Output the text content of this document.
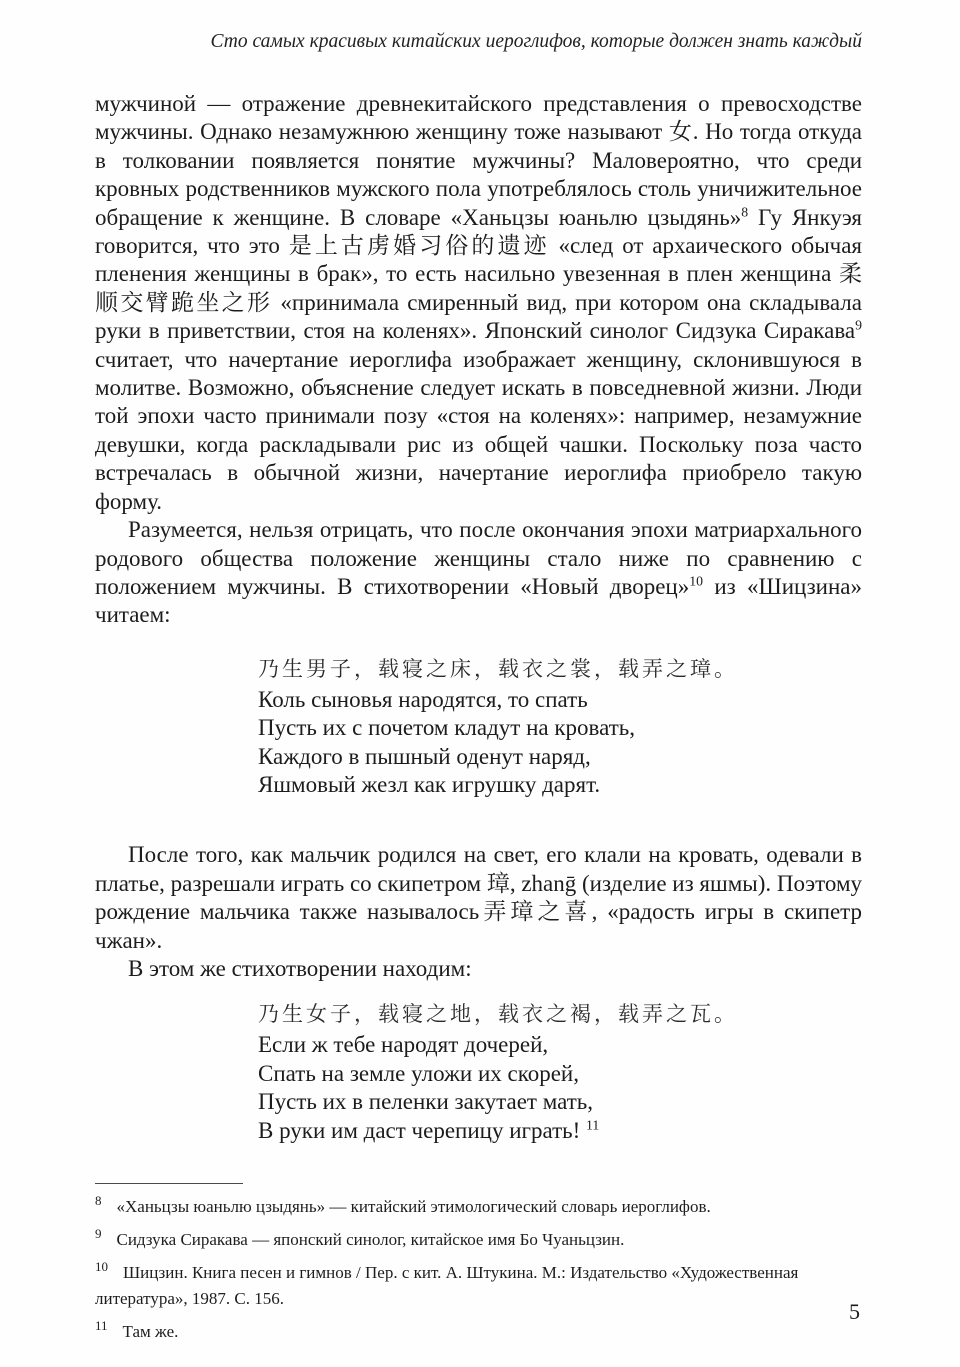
Сто самых красивых китайских иероглифов, которые должен знать каждый

мужчиной — отражение древнекитайского представления о превосходстве мужчины. Однако незамужнюю женщину тоже называют 女. Но тогда откуда в толковании появляется понятие мужчины? Маловероятно, что среди кровных родственников мужского пола употреблялось столь уничижительное обращение к женщине. В словаре «Ханьцзы юаньлю цзыдянь»$^8$ Гу Янкуэя говорится, что это 是上古虏婚习俗的遗迹 «след от архаического обычая пленения женщины в брак», то есть насильно увезенная в плен женщина 柔顺交臂跪坐之形 «принимала смиренный вид, при котором она складывала руки в приветствии, стоя на коленях». Японский синолог Сидзука Сиракава$^9$ считает, что начертание иероглифа изображает женщину, склонившуюся в молитве. Возможно, объяснение следует искать в повседневной жизни. Люди той эпохи часто принимали позу «стоя на коленях»: например, незамужние девушки, когда раскладывали рис из общей чашки. Поскольку поза часто встречалась в обычной жизни, начертание иероглифа приобрело такую форму.

Разумеется, нельзя отрицать, что после окончания эпохи матриархального родового общества положение женщины стало ниже по сравнению с положением мужчины. В стихотворении «Новый дворец»$^{10}$ из «Шицзина» читаем:

乃生男子，载寝之床，载衣之裳，载弄之璋。
Коль сыновья народятся, то спать
Пусть их с почетом кладут на кровать,
Каждого в пышный оденут наряд,
Яшмовый жезл как игрушку дарят.

После того, как мальчик родился на свет, его клали на кровать, одевали в платье, разрешали играть со скипетром 璋, zhanḡ (изделие из яшмы). Поэтому рождение мальчика также называлось弄璋之喜, «радость игры в скипетр чжан».

В этом же стихотворении находим:

乃生女子，载寝之地，载衣之褐，载弄之瓦。
Если ж тебе народят дочерей,
Спать на земле уложи их скорей,
Пусть их в пеленки закутает мать,
В руки им даст черепицу играть! $^{11}$
$^8$ «Ханьцзы юаньлю цзыдянь» — китайский этимологический словарь иероглифов.
$^9$ Сидзука Сиракава — японский синолог, китайское имя Бо Чуаньцзин.
$^{10}$ Шицзин. Книга песен и гимнов / Пер. с кит. А. Штукина. М.: Издательство «Художественная литература», 1987. С. 156.
$^{11}$ Там же.
5
